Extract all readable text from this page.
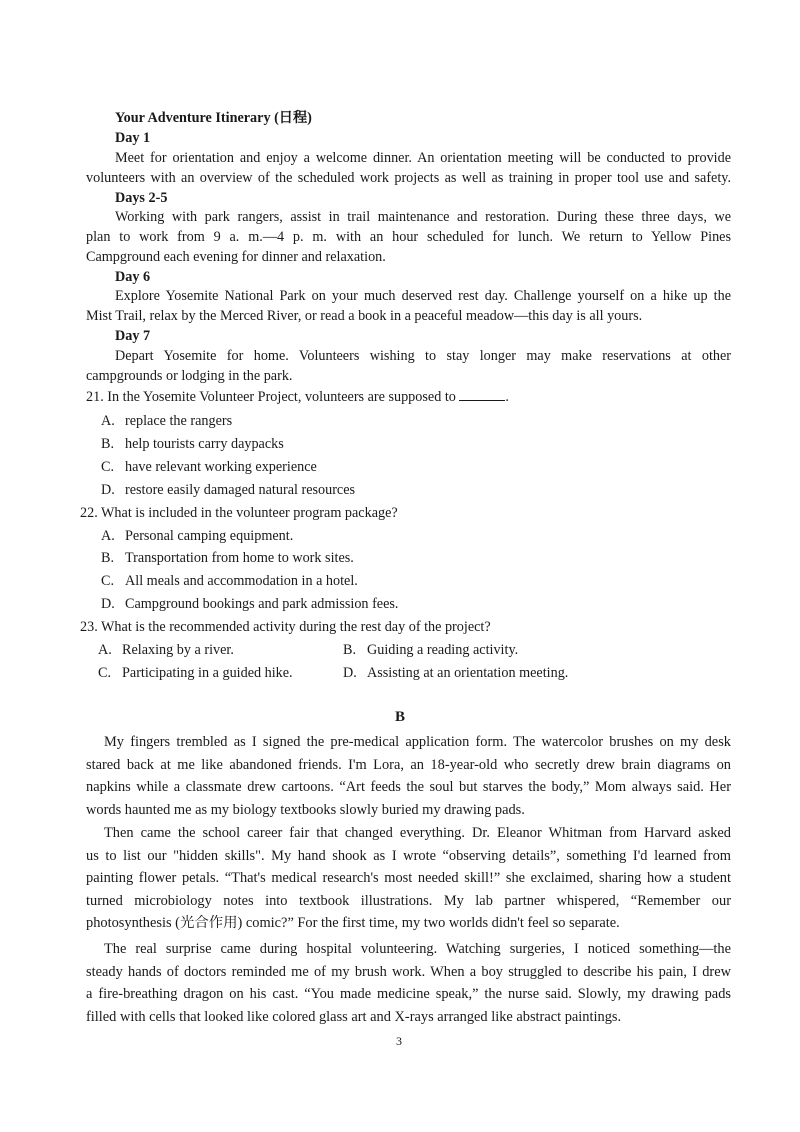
Your Adventure Itinerary (日程)

Day 1

Meet for orientation and enjoy a welcome dinner. An orientation meeting will be conducted to provide

volunteers with an overview of the scheduled work projects as well as training in proper tool use and safety.

Days 2-5

Working with park rangers, assist in trail maintenance and restoration. During these three days, we

plan to work from 9 a. m.—4 p. m. with an hour scheduled for lunch. We return to Yellow Pines

Campground each evening for dinner and relaxation.

Day 6

Explore Yosemite National Park on your much deserved rest day. Challenge yourself on a hike up the

Mist Trail, relax by the Merced River, or read a book in a peaceful meadow—this day is all yours.

Day 7

Depart Yosemite for home. Volunteers wishing to stay longer may make reservations at other

campgrounds or lodging in the park.

21. In the Yosemite Volunteer Project, volunteers are supposed to	.

A. replace the rangers

B. help tourists carry daypacks

C. have relevant working experience

D. restore easily damaged natural resources

22. What is included in the volunteer program package?

A. Personal camping equipment.

B. Transportation from home to work sites.

C. All meals and accommodation in a hotel.

D. Campground bookings and park admission fees.

23. What is the recommended activity during the rest day of the project?

A. Relaxing by a river.	B. Guiding a reading activity.

C. Participating in a guided hike.	D. Assisting at an orientation meeting.

B

My fingers trembled as I signed the pre-medical application form. The watercolor brushes on my desk
stared back at me like abandoned friends. I'm Lora, an 18-year-old who secretly drew brain diagrams on
napkins while a classmate drew cartoons. “Art feeds the soul but starves the body,” Mom always said. Her
words haunted me as my biology textbooks slowly buried my drawing pads.
Then came the school career fair that changed everything. Dr. Eleanor Whitman from Harvard asked
us to list our "hidden skills". My hand shook as I wrote “observing details”, something I'd learned from
painting flower petals. “That's medical research's most needed skill!” she exclaimed, sharing how a student
turned microbiology notes into textbook illustrations. My lab partner whispered, “Remember our
photosynthesis (光合作用) comic?” For the first time, my two worlds didn't feel so separate.
The real surprise came during hospital volunteering. Watching surgeries, I noticed something—the
steady hands of doctors reminded me of my brush work. When a boy struggled to describe his pain, I drew
a fire-breathing dragon on his cast. “You made medicine speak,” the nurse said. Slowly, my drawing pads
filled with cells that looked like colored glass art and X-rays arranged like abstract paintings.

3
